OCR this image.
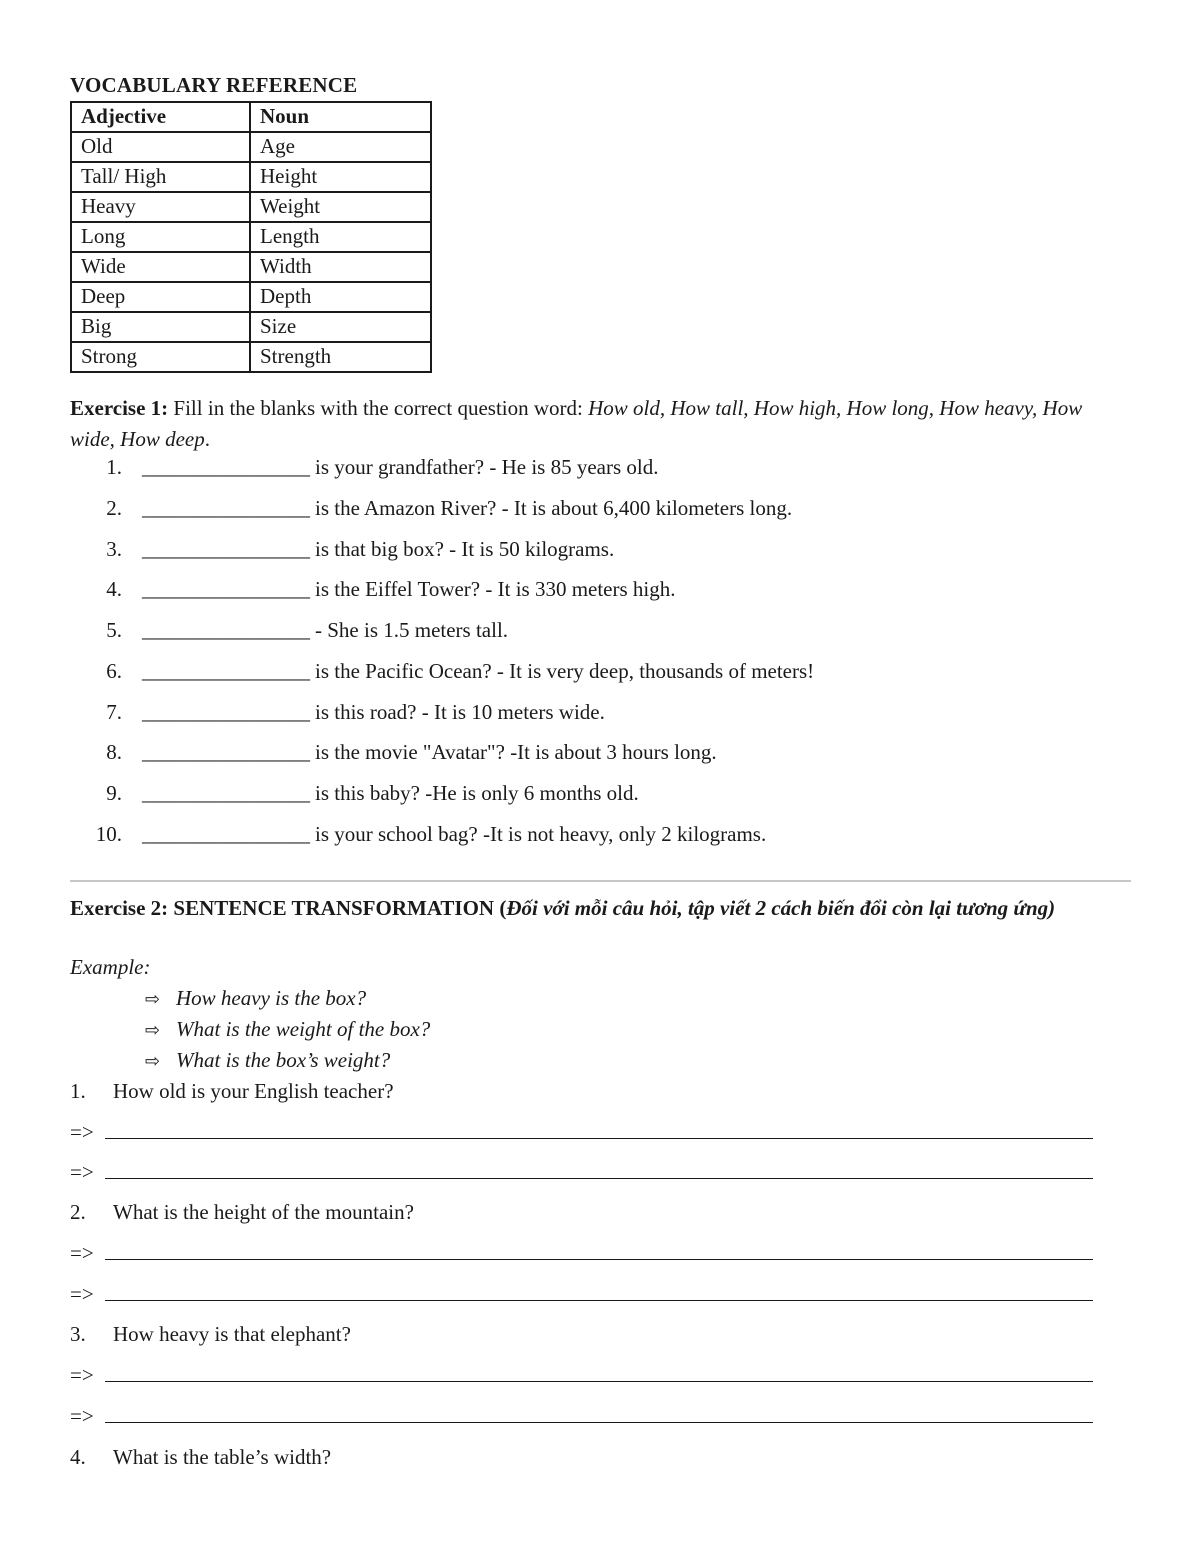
VOCABULARY REFERENCE
Adjective	Noun
Old	Age
Tall/ High	Height
Heavy	Weight
Long	Length
Wide	Width
Deep	Depth
Big	Size
Strong	Strength
Exercise 1: Fill in the blanks with the correct question word: How old, How tall, How high, How long, How heavy, How wide, How deep.
1. ________________ is your grandfather? - He is 85 years old.
2. ________________ is the Amazon River? - It is about 6,400 kilometers long.
3. ________________ is that big box? - It is 50 kilograms.
4. ________________ is the Eiffel Tower? - It is 330 meters high.
5. ________________ - She is 1.5 meters tall.
6. ________________ is the Pacific Ocean? - It is very deep, thousands of meters!
7. ________________ is this road? - It is 10 meters wide.
8. ________________ is the movie "Avatar"? -It is about 3 hours long.
9. ________________ is this baby? -He is only 6 months old.
10. ________________ is your school bag? -It is not heavy, only 2 kilograms.
Exercise 2: SENTENCE TRANSFORMATION (Đối với mỗi câu hỏi, tập viết 2 cách biến đổi còn lại tương ứng)
Example:
⇨ How heavy is the box?
⇨ What is the weight of the box?
⇨ What is the box’s weight?
1. How old is your English teacher?
=>
=>
2. What is the height of the mountain?
=>
=>
3. How heavy is that elephant?
=>
=>
4. What is the table’s width?
